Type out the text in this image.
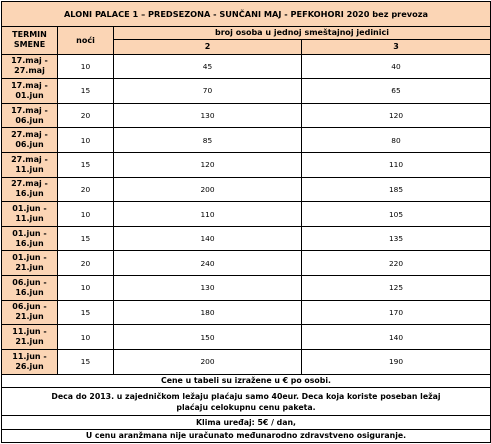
ALONI PALACE 1 – PREDSEZONA - SUNČANI MAJ - PEFKOHORI 2020 bez prevoza			

TERMIN
SMENE	noći	broj osoba u jednoj smeštajnoj jedinici	
		2	3

17.maj -
27.maj	10	45	40

17.maj -
01.jun	15	70	65

17.maj -
06.jun	20	130	120

27.maj -
06.jun	10	85	80

27.maj -
11.jun	15	120	110

27.maj -
16.jun	20	200	185

01.jun -
11.jun	10	110	105

01.jun -
16.jun	15	140	135

01.jun -
21.jun	20	240	220

06.jun -
16.jun	10	130	125

06.jun -
21.jun	15	180	170

11.jun -
21.jun	10	150	140

11.jun -
26.jun	15	200	190
Cene u tabeli su izražene u € po osobi.			

Deca do 2013. u zajedničkom ležaju plaćaju samo 40eur. Deca koja koriste poseban ležaj
plaćaju celokupnu cenu paketa.			

Klima uređaj: 5€ / dan,			
U cenu aranžmana nije uračunato međunarodno zdravstveno osiguranje.			
